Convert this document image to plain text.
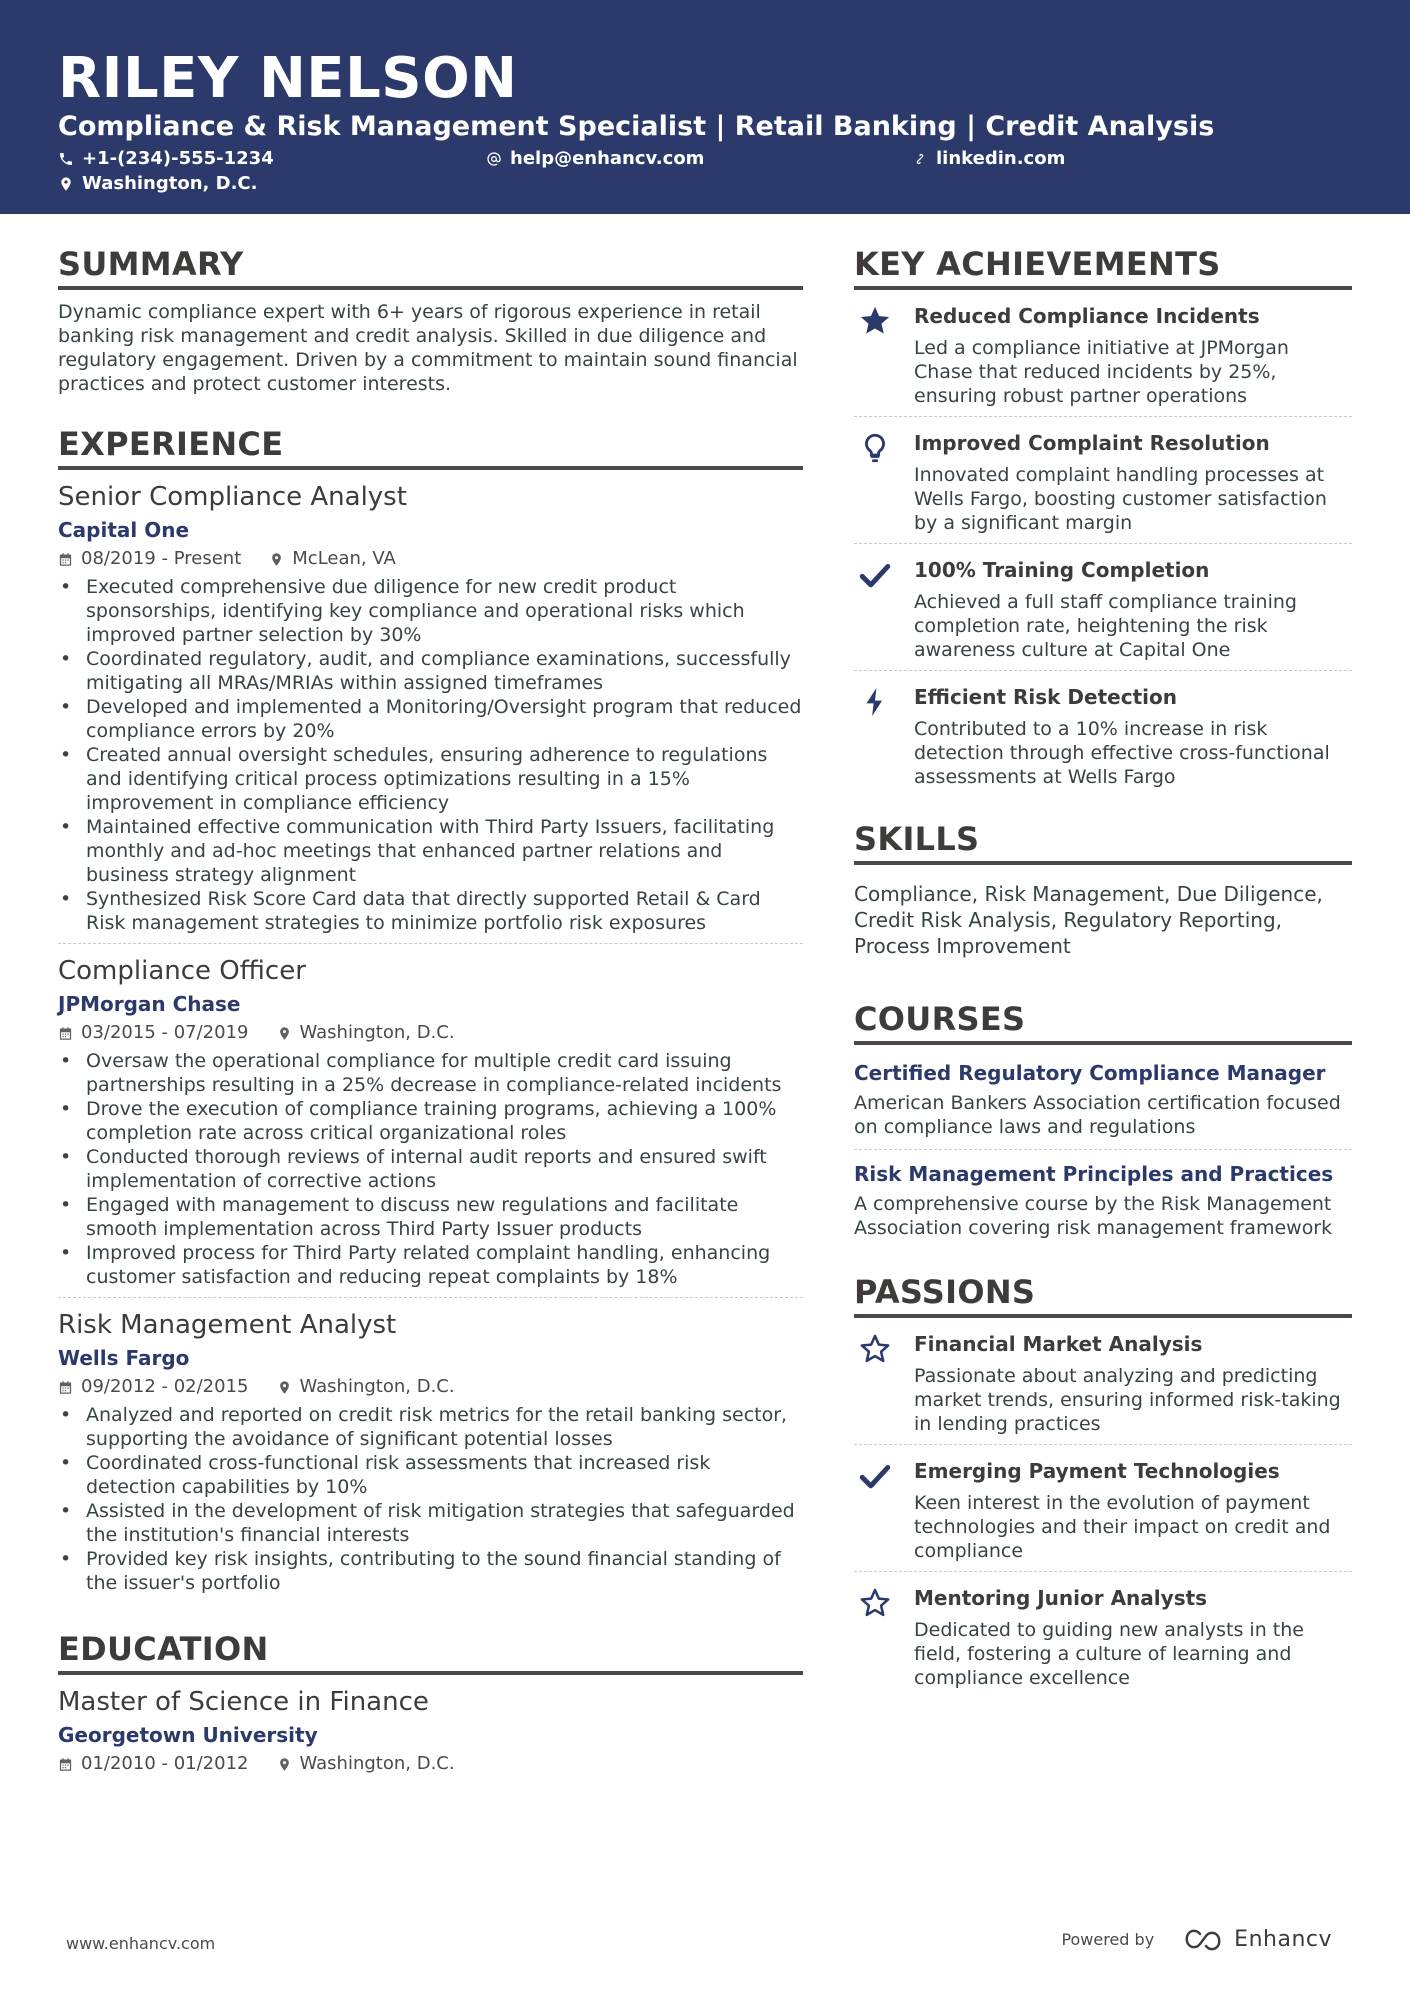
RILEY NELSON
Compliance & Risk Management Specialist | Retail Banking | Credit Analysis
+1-(234)-555-1234	help@enhancv.com	linkedin.com
Washington, D.C.
SUMMARY
Dynamic compliance expert with 6+ years of rigorous experience in retail banking risk management and credit analysis. Skilled in due diligence and regulatory engagement. Driven by a commitment to maintain sound financial practices and protect customer interests.
EXPERIENCE
Senior Compliance Analyst
Capital One
08/2019 - Present	McLean, VA
• Executed comprehensive due diligence for new credit product sponsorships, identifying key compliance and operational risks which improved partner selection by 30%
• Coordinated regulatory, audit, and compliance examinations, successfully mitigating all MRAs/MRIAs within assigned timeframes
• Developed and implemented a Monitoring/Oversight program that reduced compliance errors by 20%
• Created annual oversight schedules, ensuring adherence to regulations and identifying critical process optimizations resulting in a 15% improvement in compliance efficiency
• Maintained effective communication with Third Party Issuers, facilitating monthly and ad-hoc meetings that enhanced partner relations and business strategy alignment
• Synthesized Risk Score Card data that directly supported Retail & Card Risk management strategies to minimize portfolio risk exposures
Compliance Officer
JPMorgan Chase
03/2015 - 07/2019	Washington, D.C.
• Oversaw the operational compliance for multiple credit card issuing partnerships resulting in a 25% decrease in compliance-related incidents
• Drove the execution of compliance training programs, achieving a 100% completion rate across critical organizational roles
• Conducted thorough reviews of internal audit reports and ensured swift implementation of corrective actions
• Engaged with management to discuss new regulations and facilitate smooth implementation across Third Party Issuer products
• Improved process for Third Party related complaint handling, enhancing customer satisfaction and reducing repeat complaints by 18%
Risk Management Analyst
Wells Fargo
09/2012 - 02/2015	Washington, D.C.
• Analyzed and reported on credit risk metrics for the retail banking sector, supporting the avoidance of significant potential losses
• Coordinated cross-functional risk assessments that increased risk detection capabilities by 10%
• Assisted in the development of risk mitigation strategies that safeguarded the institution's financial interests
• Provided key risk insights, contributing to the sound financial standing of the issuer's portfolio
EDUCATION
Master of Science in Finance
Georgetown University
01/2010 - 01/2012	Washington, D.C.
KEY ACHIEVEMENTS
Reduced Compliance Incidents
Led a compliance initiative at JPMorgan Chase that reduced incidents by 25%, ensuring robust partner operations
Improved Complaint Resolution
Innovated complaint handling processes at Wells Fargo, boosting customer satisfaction by a significant margin
100% Training Completion
Achieved a full staff compliance training completion rate, heightening the risk awareness culture at Capital One
Efficient Risk Detection
Contributed to a 10% increase in risk detection through effective cross-functional assessments at Wells Fargo
SKILLS
Compliance, Risk Management, Due Diligence, Credit Risk Analysis, Regulatory Reporting, Process Improvement
COURSES
Certified Regulatory Compliance Manager
American Bankers Association certification focused on compliance laws and regulations
Risk Management Principles and Practices
A comprehensive course by the Risk Management Association covering risk management framework
PASSIONS
Financial Market Analysis
Passionate about analyzing and predicting market trends, ensuring informed risk-taking in lending practices
Emerging Payment Technologies
Keen interest in the evolution of payment technologies and their impact on credit and compliance
Mentoring Junior Analysts
Dedicated to guiding new analysts in the field, fostering a culture of learning and compliance excellence
www.enhancv.com	Powered by	Enhancv
